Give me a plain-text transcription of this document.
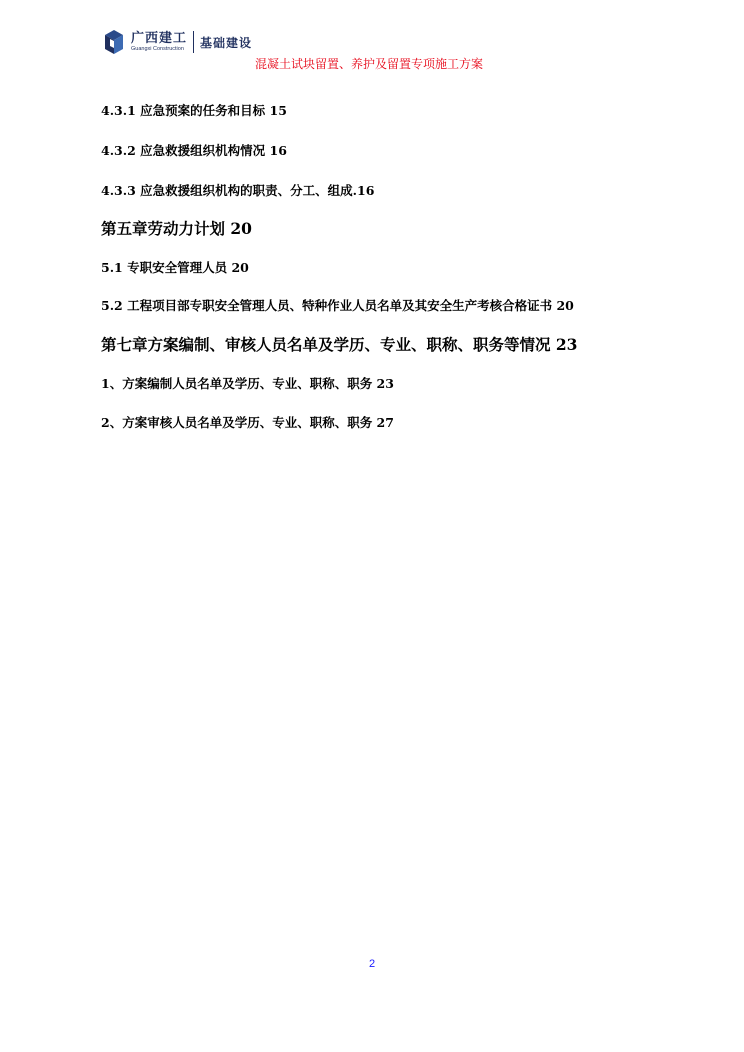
广西建工
Guangxi Construction 基础建设
混凝土试块留置、养护及留置专项施工方案
4.3.1 应急预案的任务和目标 15
4.3.2 应急救援组织机构情况 16
4.3.3 应急救援组织机构的职责、分工、组成.16
第五章劳动力计划 20
5.1 专职安全管理人员 20
5.2 工程项目部专职安全管理人员、特种作业人员名单及其安全生产考核合格证书 20
第七章方案编制、审核人员名单及学历、专业、职称、职务等情况 23
1、方案编制人员名单及学历、专业、职称、职务 23
2、方案审核人员名单及学历、专业、职称、职务 27
2
